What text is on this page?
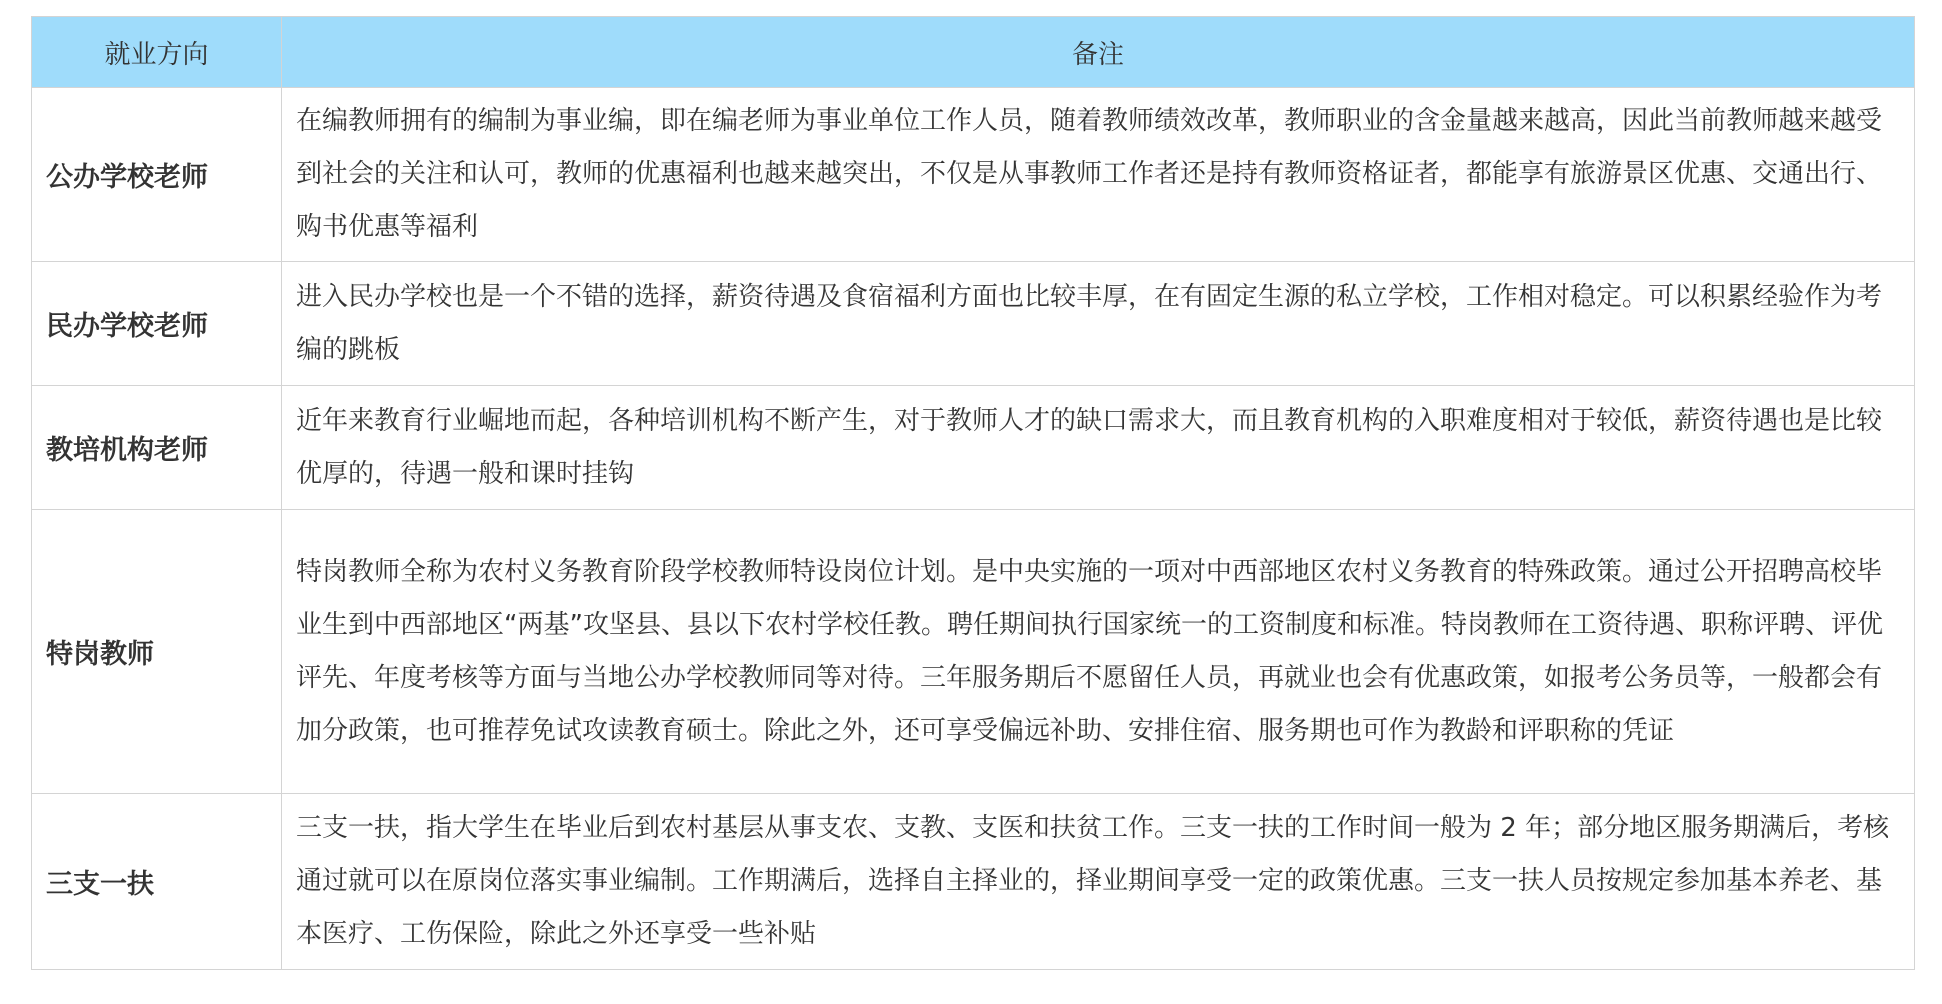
就业方向	备注
公办学校老师	在编教师拥有的编制为事业编，即在编老师为事业单位工作人员，随着教师绩效改革，教师职业的含金量越来越高，因此当前教师越来越受到社会的关注和认可，教师的优惠福利也越来越突出，不仅是从事教师工作者还是持有教师资格证者，都能享有旅游景区优惠、交通出行、购书优惠等福利
民办学校老师	进入民办学校也是一个不错的选择，薪资待遇及食宿福利方面也比较丰厚，在有固定生源的私立学校，工作相对稳定。可以积累经验作为考编的跳板
教培机构老师	近年来教育行业崛地而起，各种培训机构不断产生，对于教师人才的缺口需求大，而且教育机构的入职难度相对于较低，薪资待遇也是比较优厚的，待遇一般和课时挂钩
特岗教师	特岗教师全称为农村义务教育阶段学校教师特设岗位计划。是中央实施的一项对中西部地区农村义务教育的特殊政策。通过公开招聘高校毕业生到中西部地区“两基”攻坚县、县以下农村学校任教。聘任期间执行国家统一的工资制度和标准。特岗教师在工资待遇、职称评聘、评优评先、年度考核等方面与当地公办学校教师同等对待。三年服务期后不愿留任人员，再就业也会有优惠政策，如报考公务员等，一般都会有加分政策，也可推荐免试攻读教育硕士。除此之外，还可享受偏远补助、安排住宿、服务期也可作为教龄和评职称的凭证
三支一扶	三支一扶，指大学生在毕业后到农村基层从事支农、支教、支医和扶贫工作。三支一扶的工作时间一般为 2 年；部分地区服务期满后，考核通过就可以在原岗位落实事业编制。工作期满后，选择自主择业的，择业期间享受一定的政策优惠。三支一扶人员按规定参加基本养老、基本医疗、工伤保险，除此之外还享受一些补贴
